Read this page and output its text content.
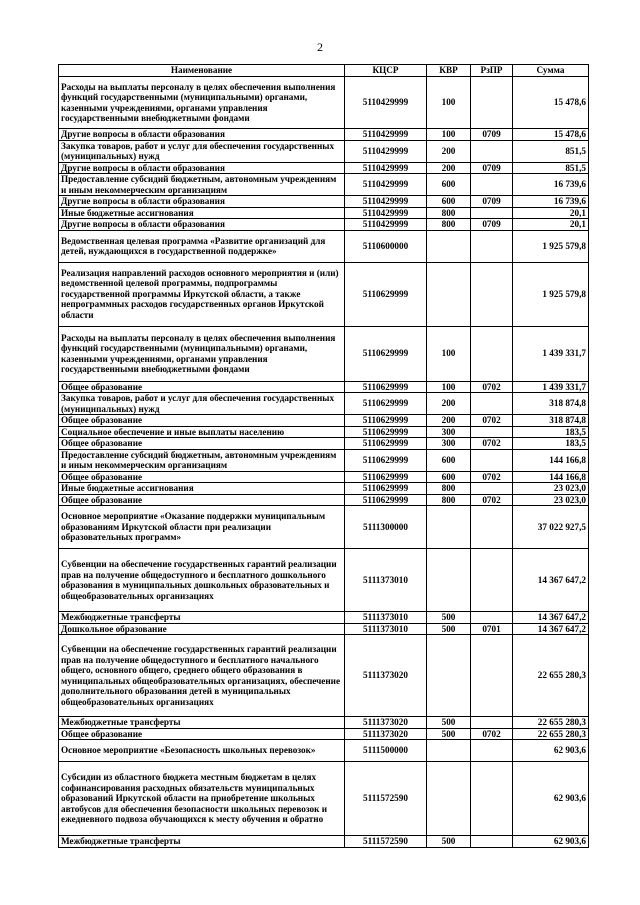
2
Наименование	КЦСР	КВР	РзПР	Сумма
Расходы на выплаты персоналу в целях обеспечения выполнения функций государственными (муниципальными) органами, казенными учреждениями, органами управления государственными внебюджетными фондами	5110429999	100		15 478,6
Другие вопросы в области образования	5110429999	100	0709	15 478,6
Закупка товаров, работ и услуг для обеспечения государственных (муниципальных) нужд	5110429999	200		851,5
Другие вопросы в области образования	5110429999	200	0709	851,5
Предоставление субсидий бюджетным, автономным учреждениям и иным некоммерческим организациям	5110429999	600		16 739,6
Другие вопросы в области образования	5110429999	600	0709	16 739,6
Иные бюджетные ассигнования	5110429999	800		20,1
Другие вопросы в области образования	5110429999	800	0709	20,1
Ведомственная целевая программа «Развитие организаций для детей, нуждающихся в государственной поддержке»	5110600000			1 925 579,8
Реализация направлений расходов основного мероприятия и (или) ведомственной целевой программы, подпрограммы государственной программы Иркутской области, а также непрограммных расходов государственных органов Иркутской области	5110629999			1 925 579,8
Расходы на выплаты персоналу в целях обеспечения выполнения функций государственными (муниципальными) органами, казенными учреждениями, органами управления государственными внебюджетными фондами	5110629999	100		1 439 331,7
Общее образование	5110629999	100	0702	1 439 331,7
Закупка товаров, работ и услуг для обеспечения государственных (муниципальных) нужд	5110629999	200		318 874,8
Общее образование	5110629999	200	0702	318 874,8
Социальное обеспечение и иные выплаты населению	5110629999	300		183,5
Общее образование	5110629999	300	0702	183,5
Предоставление субсидий бюджетным, автономным учреждениям и иным некоммерческим организациям	5110629999	600		144 166,8
Общее образование	5110629999	600	0702	144 166,8
Иные бюджетные ассигнования	5110629999	800		23 023,0
Общее образование	5110629999	800	0702	23 023,0
Основное мероприятие «Оказание поддержки муниципальным образованиям Иркутской области при реализации образовательных программ»	5111300000			37 022 927,5
Субвенции на обеспечение государственных гарантий реализации прав на получение общедоступного и бесплатного дошкольного образования в муниципальных дошкольных образовательных и общеобразовательных организациях	5111373010			14 367 647,2
Межбюджетные трансферты	5111373010	500		14 367 647,2
Дошкольное образование	5111373010	500	0701	14 367 647,2
Субвенции на обеспечение государственных гарантий реализации прав на получение общедоступного и бесплатного начального общего, основного общего, среднего общего образования в муниципальных общеобразовательных организациях, обеспечение дополнительного образования детей в муниципальных общеобразовательных организациях	5111373020			22 655 280,3
Межбюджетные трансферты	5111373020	500		22 655 280,3
Общее образование	5111373020	500	0702	22 655 280,3
Основное мероприятие «Безопасность школьных перевозок»	5111500000			62 903,6
Субсидии из областного бюджета местным бюджетам в целях софинансирования расходных обязательств муниципальных образований Иркутской области на приобретение школьных автобусов для обеспечения безопасности школьных перевозок и ежедневного подвоза обучающихся к месту обучения и обратно	5111572590			62 903,6
Межбюджетные трансферты	5111572590	500		62 903,6
